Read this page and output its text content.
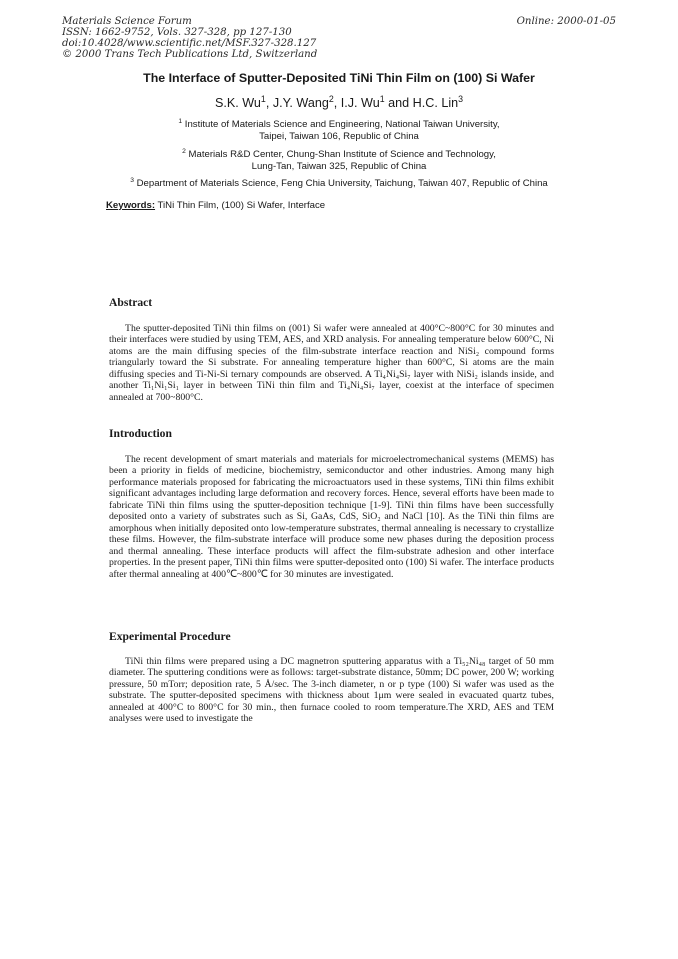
Materials Science Forum
ISSN: 1662-9752, Vols. 327-328, pp 127-130
doi:10.4028/www.scientific.net/MSF.327-328.127
© 2000 Trans Tech Publications Ltd, Switzerland
Online: 2000-01-05
The Interface of Sputter-Deposited TiNi Thin Film on (100) Si Wafer
S.K. Wu$^1$, J.Y. Wang$^2$, I.J. Wu$^1$ and H.C. Lin$^3$
$^1$ Institute of Materials Science and Engineering, National Taiwan University,
Taipei, Taiwan 106, Republic of China
$^2$ Materials R&D Center, Chung-Shan Institute of Science and Technology,
Lung-Tan, Taiwan 325, Republic of China
$^3$ Department of Materials Science, Feng Chia University, Taichung, Taiwan 407, Republic of China
Keywords: TiNi Thin Film, (100) Si Wafer, Interface
Abstract

The sputter-deposited TiNi thin films on (001) Si wafer were annealed at 400°C~800°C for 30 minutes and their interfaces were studied by using TEM, AES, and XRD analysis. For annealing temperature below 600°C, Ni atoms are the main diffusing species of the film-substrate interface reaction and NiSi₂ compound forms triangularly toward the Si substrate. For annealing temperature higher than 600°C, Si atoms are the main diffusing species and Ti-Ni-Si ternary compounds are observed. A Ti₄Ni₄Si₇ layer with NiSi₂ islands inside, and another Ti₁Ni₁Si₁ layer in between TiNi thin film and Ti₄Ni₄Si₇ layer, coexist at the interface of specimen annealed at 700~800°C.

Introduction

The recent development of smart materials and materials for microelectromechanical systems (MEMS) has been a priority in fields of medicine, biochemistry, semiconductor and other industries. Among many high performance materials proposed for fabricating the microactuators used in these systems, TiNi thin films exhibit significant advantages including large deformation and recovery forces. Hence, several efforts have been made to fabricate TiNi thin films using the sputter-deposition technique [1-9]. TiNi thin films have been successfully deposited onto a variety of substrates such as Si, GaAs, CdS, SiO₂ and NaCl [10]. As the TiNi thin films are amorphous when initially deposited onto low-temperature substrates, thermal annealing is necessary to crystallize these films. However, the film-substrate interface will produce some new phases during the deposition process and thermal annealing. These interface products will affect the film-substrate adhesion and other interface properties. In the present paper, TiNi thin films were sputter-deposited onto (100) Si wafer. The interface products after thermal annealing at 400℃~800℃ for 30 minutes are investigated.

Experimental Procedure

TiNi thin films were prepared using a DC magnetron sputtering apparatus with a Ti₅₂Ni₄₈ target of 50 mm diameter. The sputtering conditions were as follows: target-substrate distance, 50mm; DC power, 200 W; working pressure, 50 mTorr; deposition rate, 5 Å/sec. The 3-inch diameter, n or p type (100) Si wafer was used as the substrate. The sputter-deposited specimens with thickness about 1μm were sealed in evacuated quartz tubes, annealed at 400°C to 800°C for 30 min., then furnace cooled to room temperature.The XRD, AES and TEM analyses were used to investigate the
